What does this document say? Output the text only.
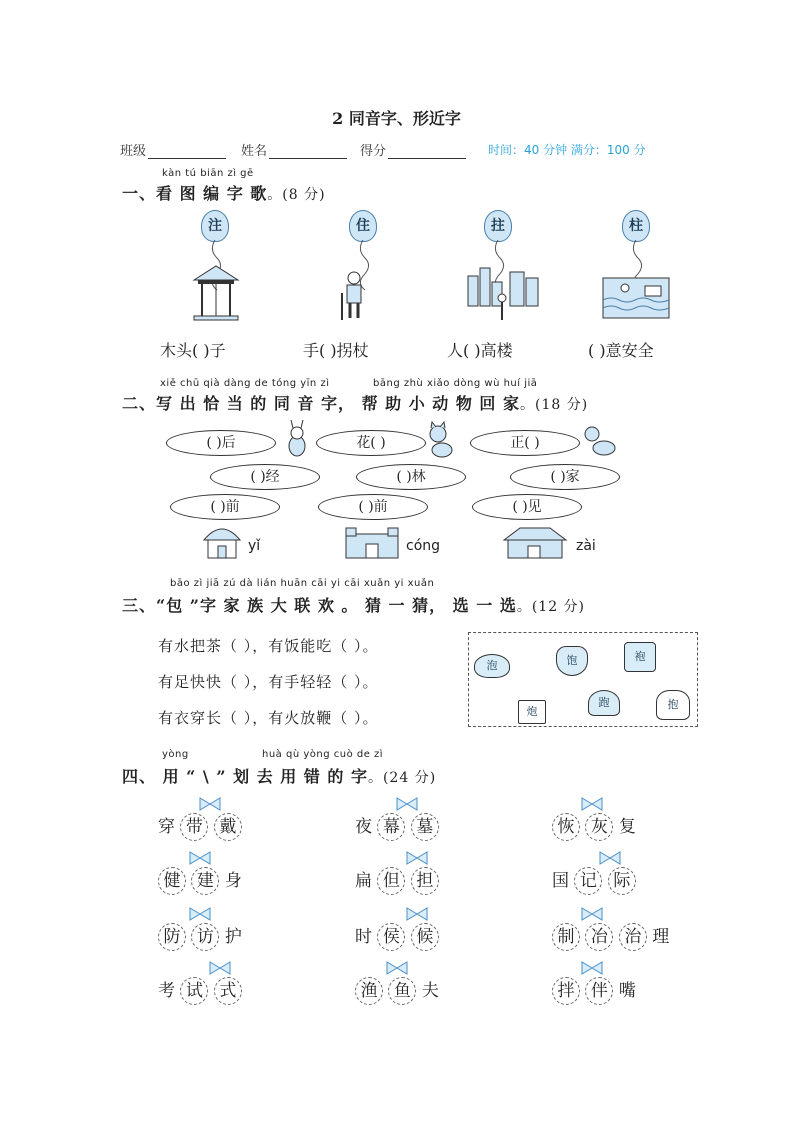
2 同音字、形近字
班级	姓名	得分	时间：40 分钟 满分：100 分
kàn tú biān zì gē
一、看 图 编 字 歌。(8 分)
注	住	拄	柱
木头( )子	手( )拐杖	人( )高楼	( )意安全
xiě chū qià dàng de tóng yīn zì	bāng zhù xiǎo dòng wù huí jiā
二、写 出 恰 当 的 同 音 字， 帮 助 小 动 物 回 家。(18 分)
( )后	花( )	正( )
( )经	( )林	( )家
( )前	( )前	( )见
yǐ	cóng	zài
bāo zì jiā zú dà lián huān cāi yi cāi xuǎn yi xuǎn
三、“包 ”字 家 族 大 联 欢 。 猜 一 猜， 选 一 选。(12 分)
有水把茶（ ），有饭能吃（ ）。
有足快快（ ），有手轻轻（ ）。
有衣穿长（ ），有火放鞭（ ）。
泡	饱	袍
炮
跑	抱
yòng	huà qù yòng cuò de zì
四、 用 “ \ ” 划 去 用 错 的 字。(24 分)
穿 带 戴	夜 幕 墓	恢 灰 复
健 建 身	扁 但 担	国 记 际
防 访 护	时 侯 候	制 冶 治 理
考 试 式	渔 鱼 夫	拌 伴 嘴
